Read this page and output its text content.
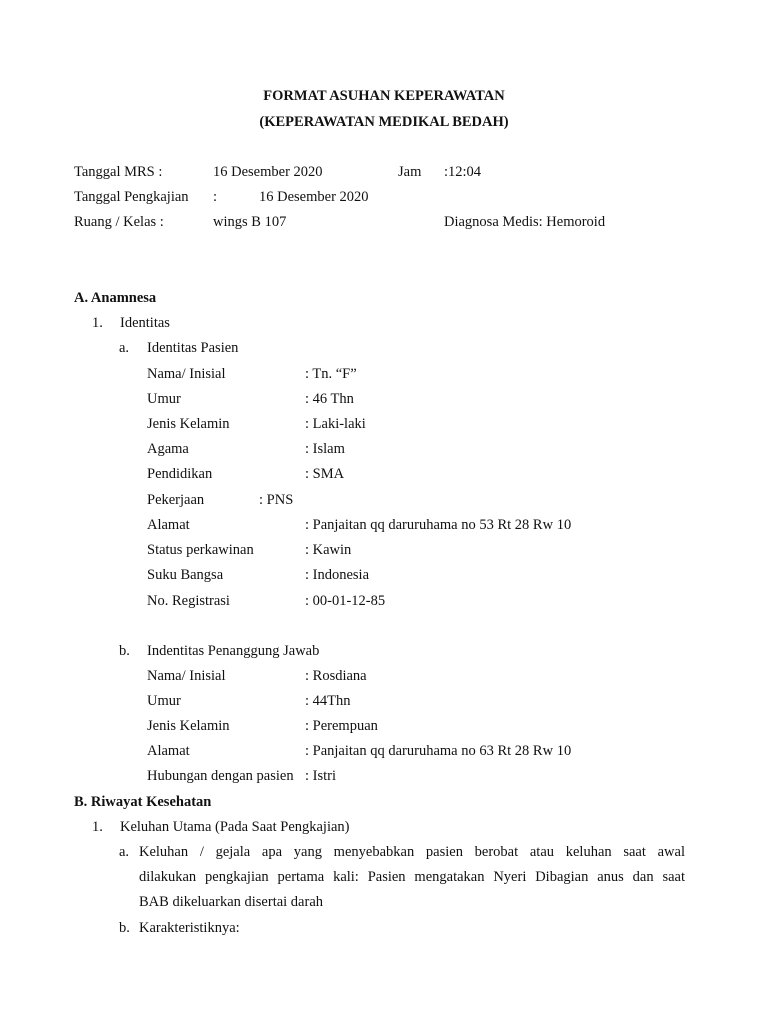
FORMAT ASUHAN KEPERAWATAN
(KEPERAWATAN MEDIKAL BEDAH)
Tanggal MRS :	16 Desember 2020	Jam :12:04
Tanggal Pengkajian :	16 Desember 2020
Ruang / Kelas :	wings B 107	Diagnosa Medis: Hemoroid
A. Anamnesa
1. Identitas
a. Identitas Pasien
Nama/ Inisial	: Tn. “F”
Umur	: 46 Thn
Jenis Kelamin	: Laki-laki
Agama	: Islam
Pendidikan	: SMA
Pekerjaan	: PNS
Alamat	: Panjaitan qq daruruhama no 53 Rt 28 Rw 10
Status perkawinan	: Kawin
Suku Bangsa	: Indonesia
No. Registrasi	: 00-01-12-85
b. Indentitas Penanggung Jawab
Nama/ Inisial	: Rosdiana
Umur	: 44Thn
Jenis Kelamin	: Perempuan
Alamat	: Panjaitan qq daruruhama no 63 Rt 28 Rw 10
Hubungan dengan pasien : Istri
B. Riwayat Kesehatan
1. Keluhan Utama (Pada Saat Pengkajian)
a. Keluhan / gejala apa yang menyebabkan pasien berobat atau keluhan saat awal
dilakukan pengkajian pertama kali: Pasien mengatakan Nyeri Dibagian anus dan saat
BAB dikeluarkan disertai darah
b. Karakteristiknya:
